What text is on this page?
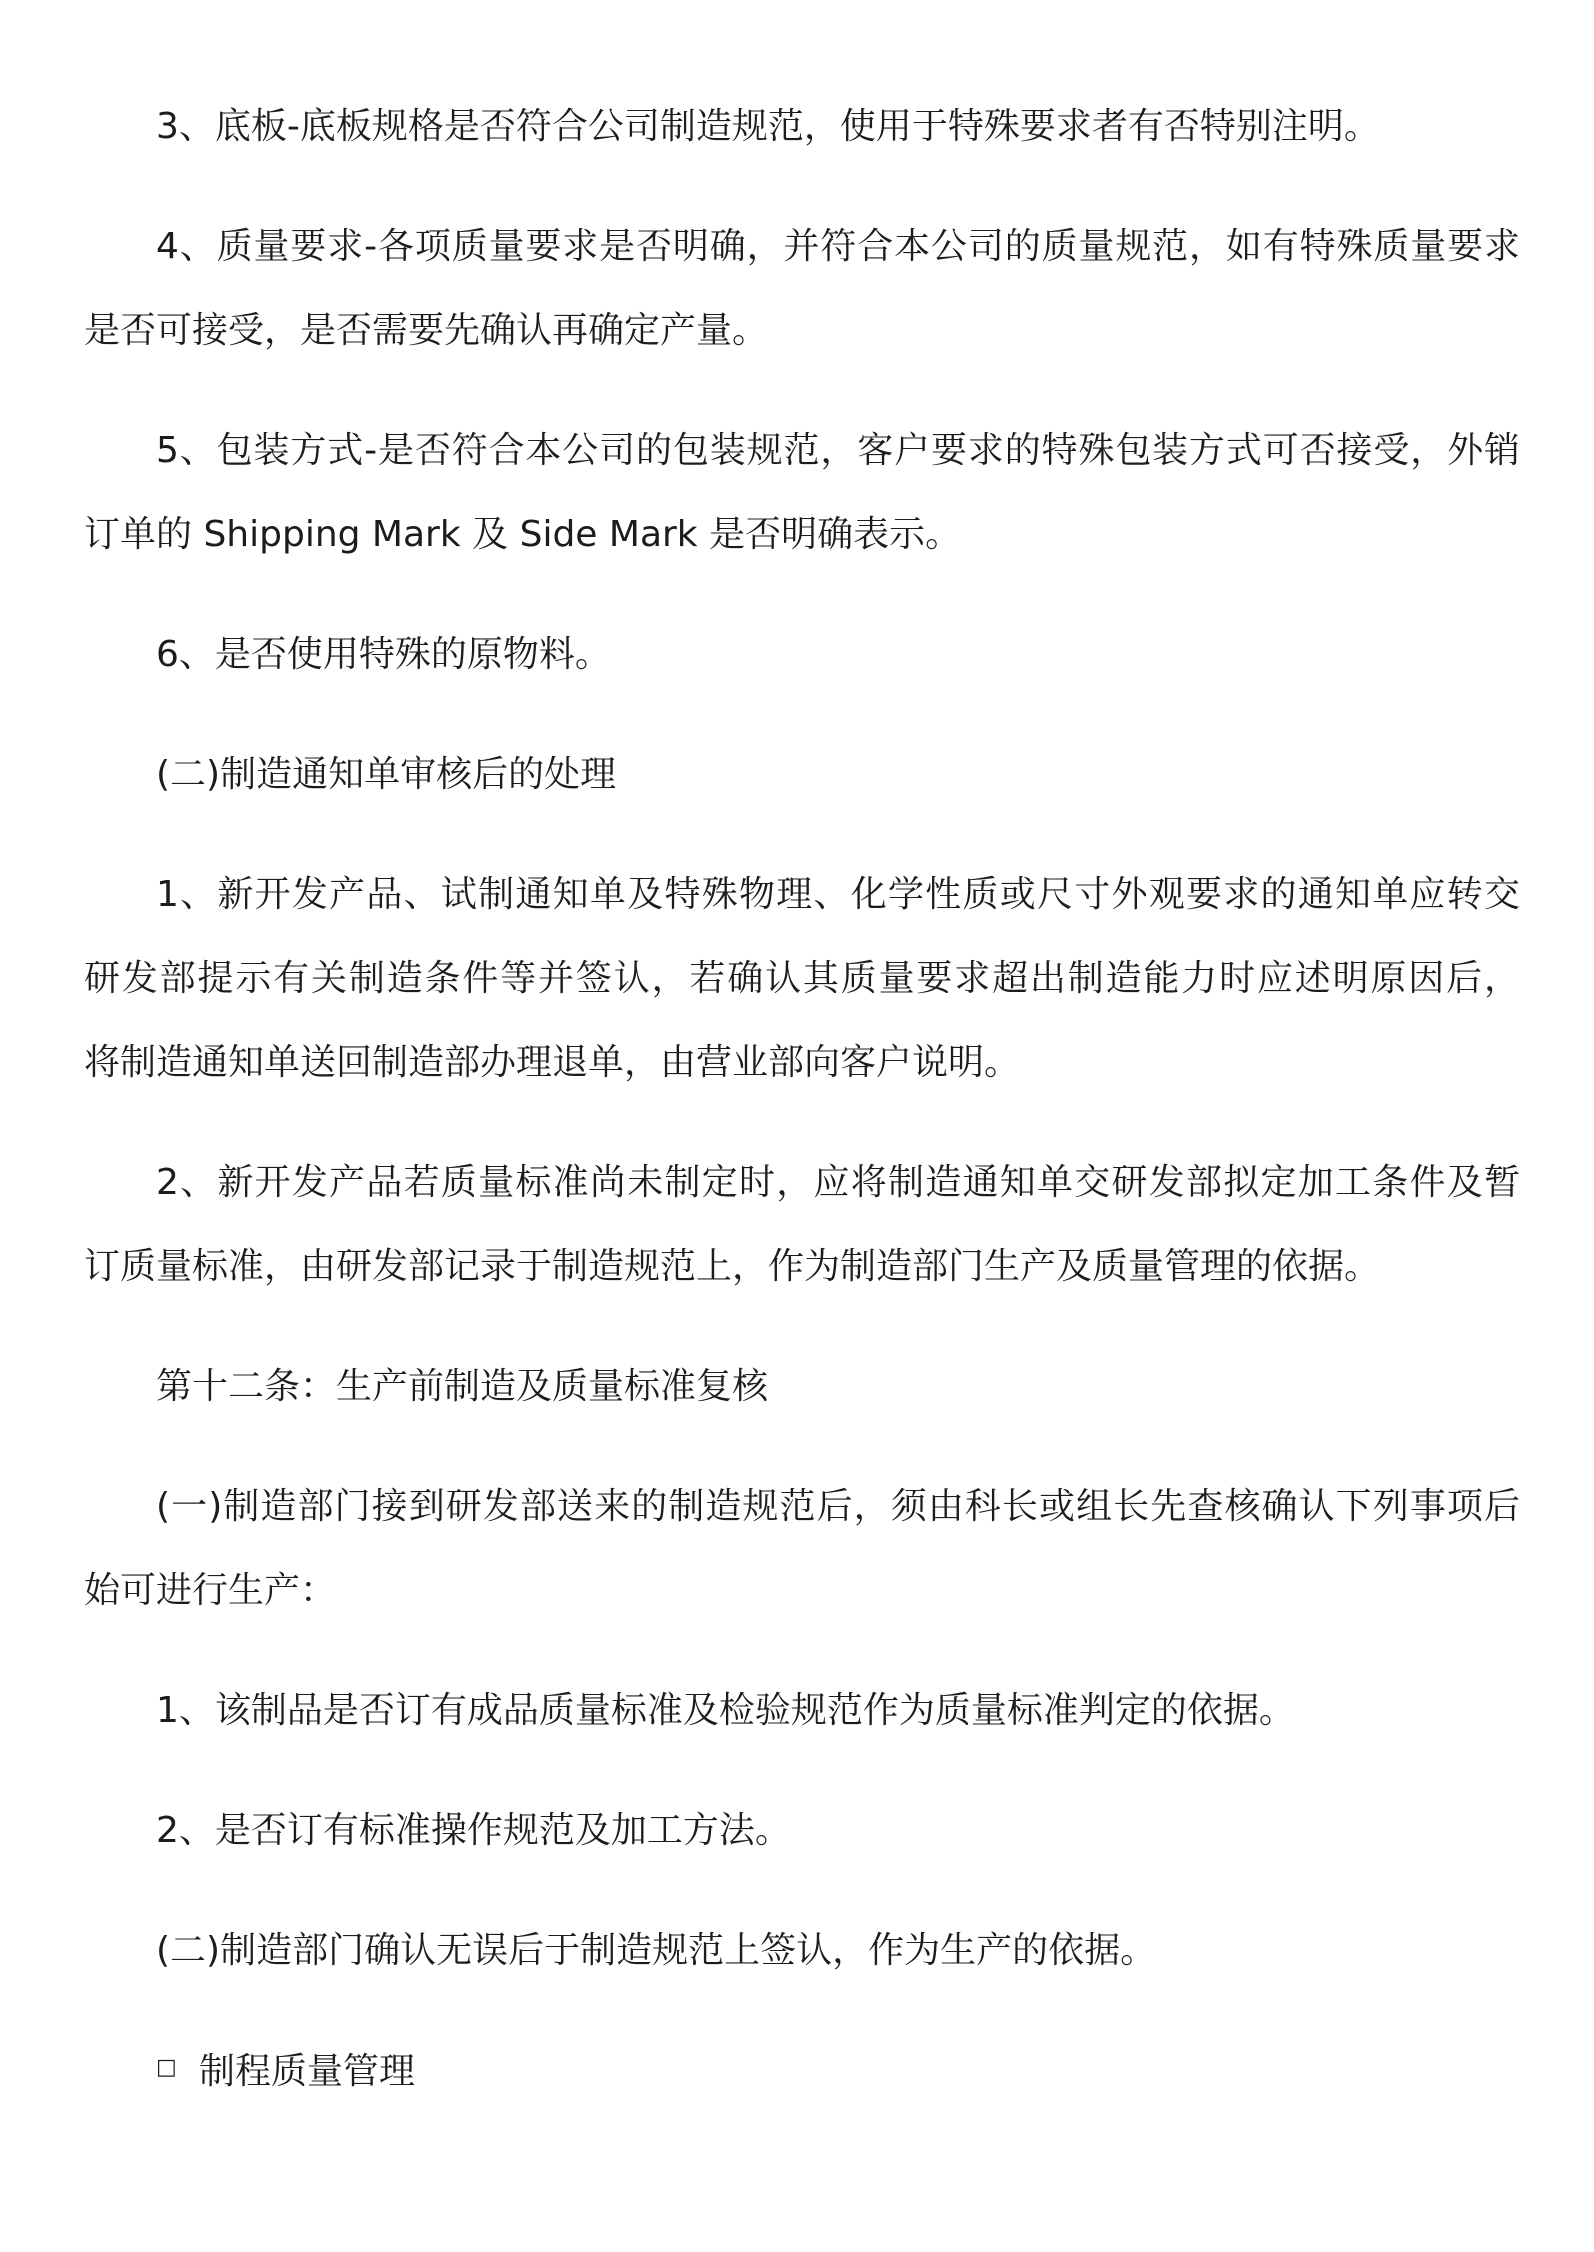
3、底板-底板规格是否符合公司制造规范，使用于特殊要求者有否特别注明。
4、质量要求-各项质量要求是否明确，并符合本公司的质量规范，如有特殊质量要求
是否可接受，是否需要先确认再确定产量。
5、包装方式-是否符合本公司的包装规范，客户要求的特殊包装方式可否接受，外销
订单的 Shipping Mark 及 Side Mark 是否明确表示。
6、是否使用特殊的原物料。
(二)制造通知单审核后的处理
1、新开发产品、试制通知单及特殊物理、化学性质或尺寸外观要求的通知单应转交
研发部提示有关制造条件等并签认，若确认其质量要求超出制造能力时应述明原因后，
将制造通知单送回制造部办理退单，由营业部向客户说明。
2、新开发产品若质量标准尚未制定时，应将制造通知单交研发部拟定加工条件及暂
订质量标准，由研发部记录于制造规范上，作为制造部门生产及质量管理的依据。
第十二条：生产前制造及质量标准复核
(一)制造部门接到研发部送来的制造规范后，须由科长或组长先查核确认下列事项后
始可进行生产：
1、该制品是否订有成品质量标准及检验规范作为质量标准判定的依据。
2、是否订有标准操作规范及加工方法。
(二)制造部门确认无误后于制造规范上签认，作为生产的依据。
□ 制程质量管理
